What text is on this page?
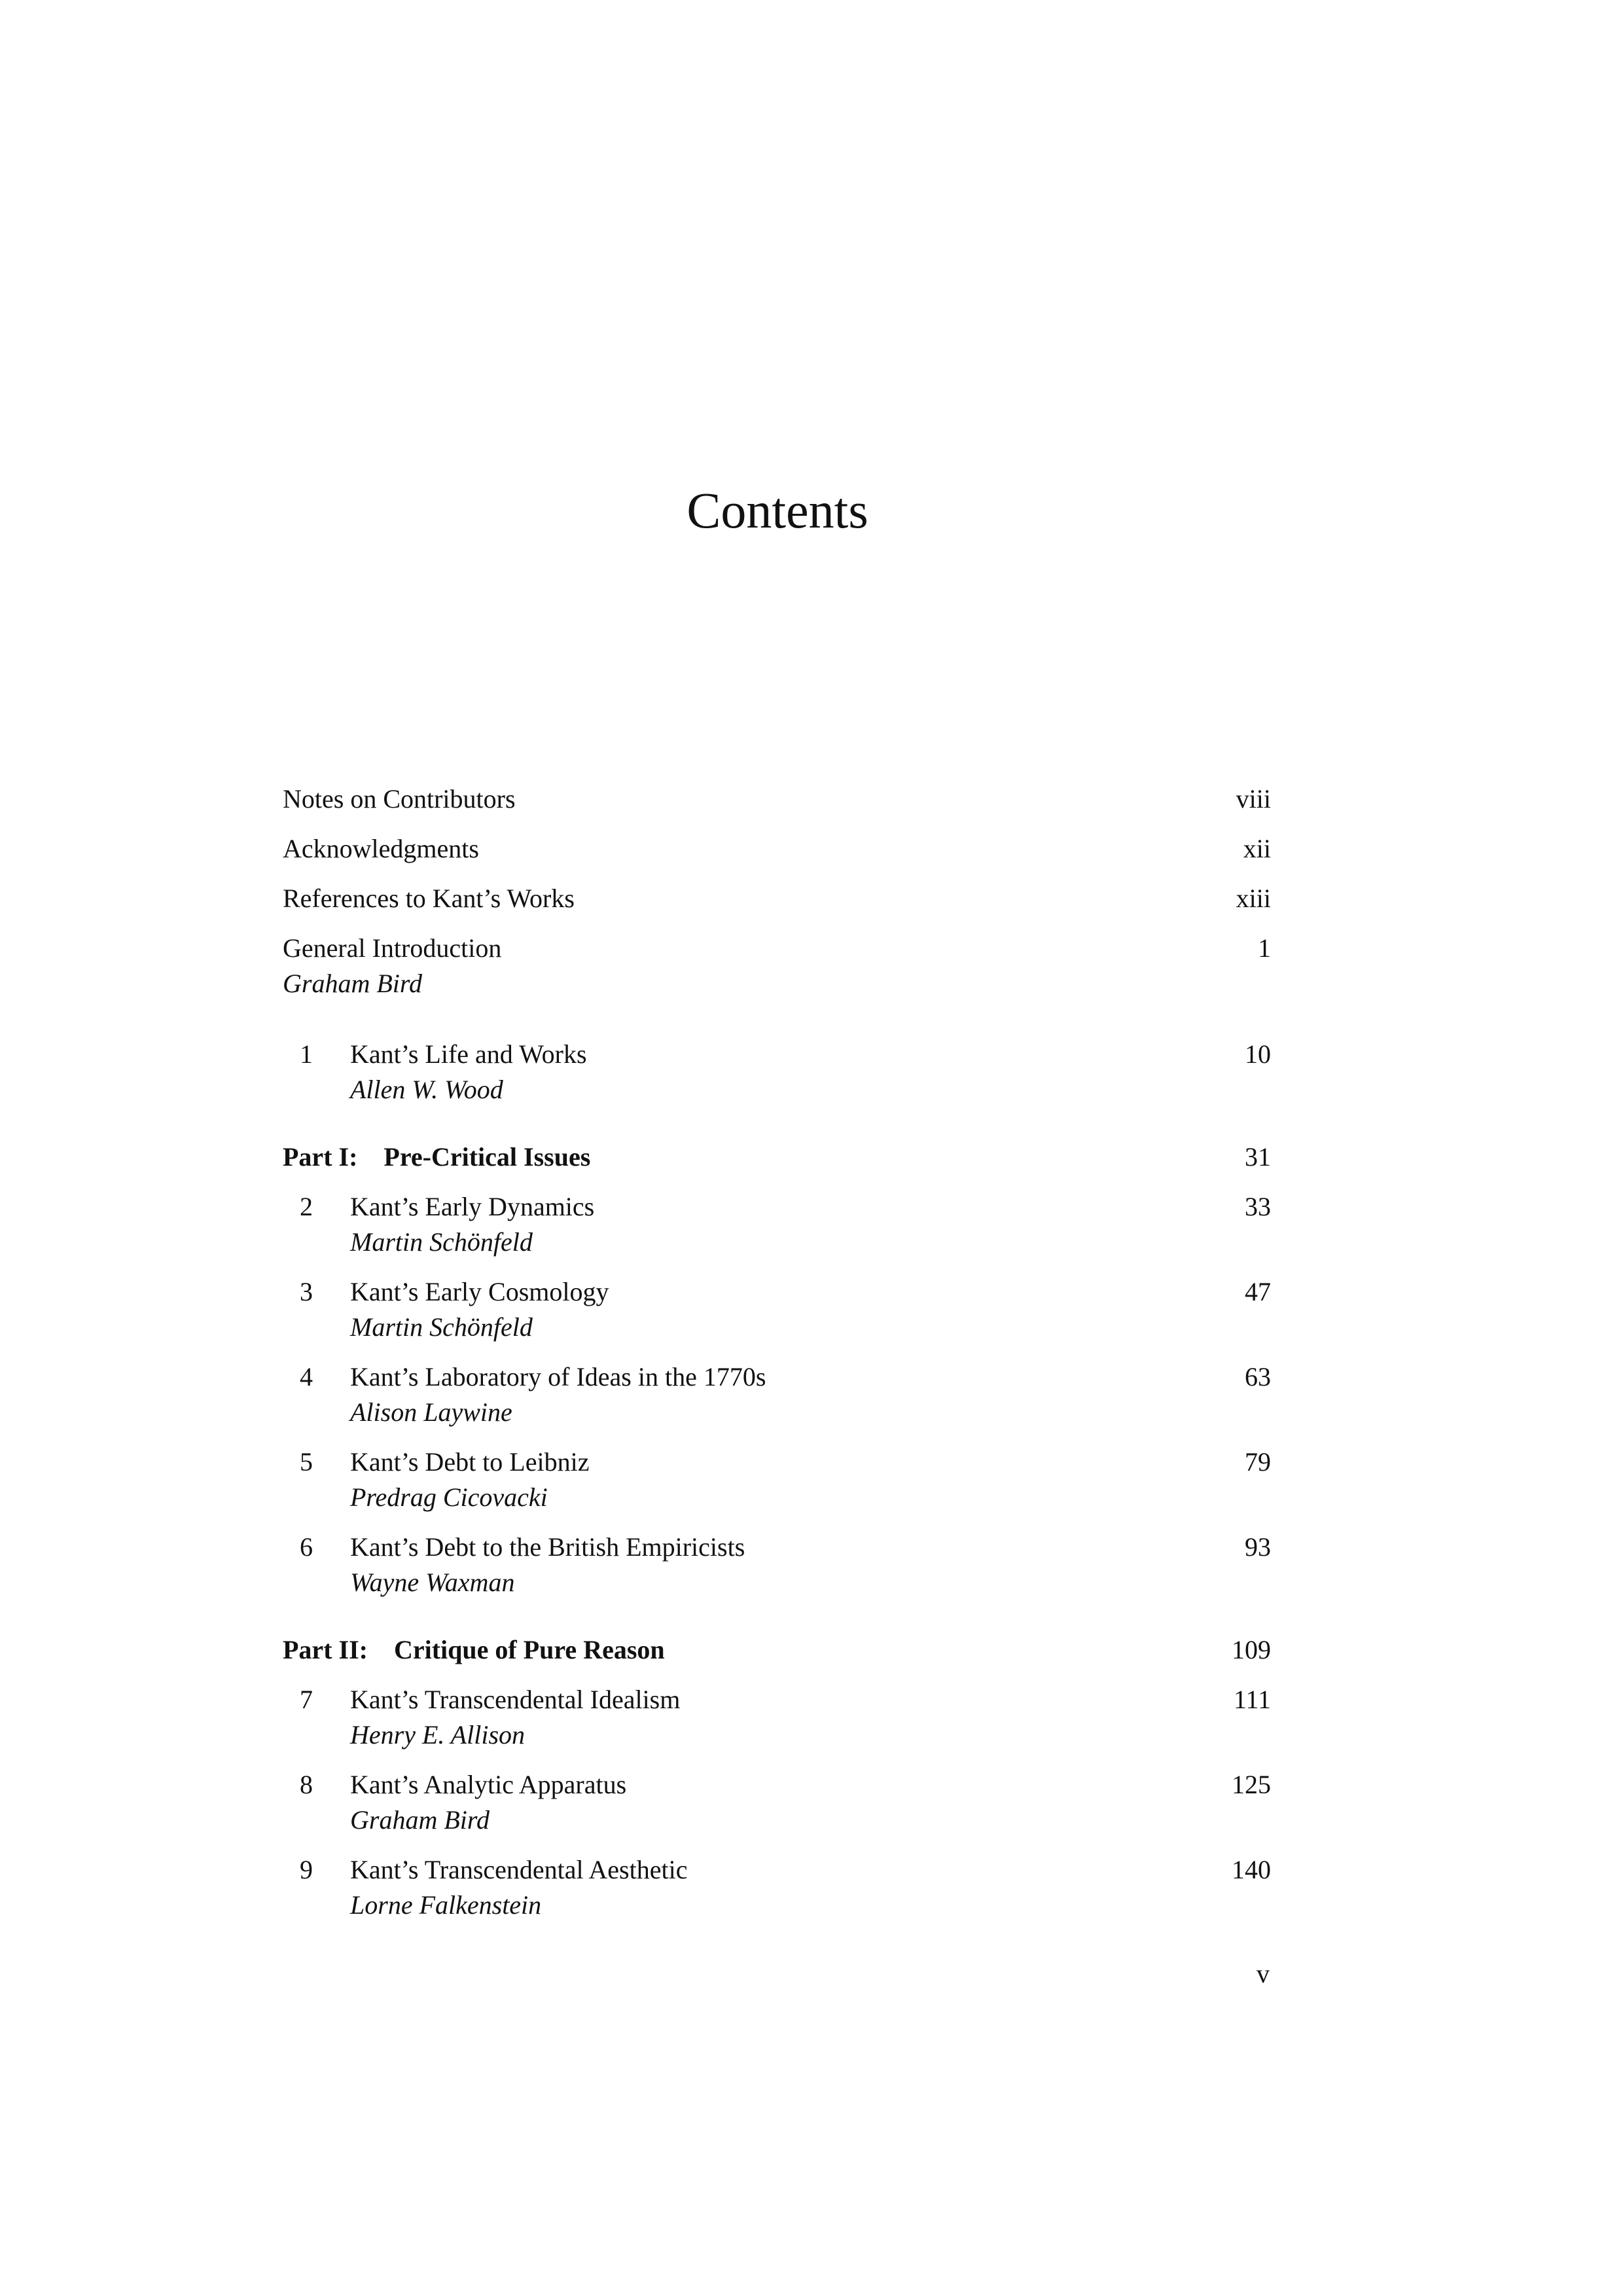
Contents
Notes on Contributors	viii
Acknowledgments	xii
References to Kant’s Works	xiii
General Introduction	1
Graham Bird
1	Kant’s Life and Works	10
Allen W. Wood
Part I: Pre-Critical Issues	31
2	Kant’s Early Dynamics	33
Martin Schönfeld
3	Kant’s Early Cosmology	47
Martin Schönfeld
4	Kant’s Laboratory of Ideas in the 1770s	63
Alison Laywine
5	Kant’s Debt to Leibniz	79
Predrag Cicovacki
6	Kant’s Debt to the British Empiricists	93
Wayne Waxman
Part II: Critique of Pure Reason	109
7	Kant’s Transcendental Idealism	111
Henry E. Allison
8	Kant’s Analytic Apparatus	125
Graham Bird
9	Kant’s Transcendental Aesthetic	140
Lorne Falkenstein
v
